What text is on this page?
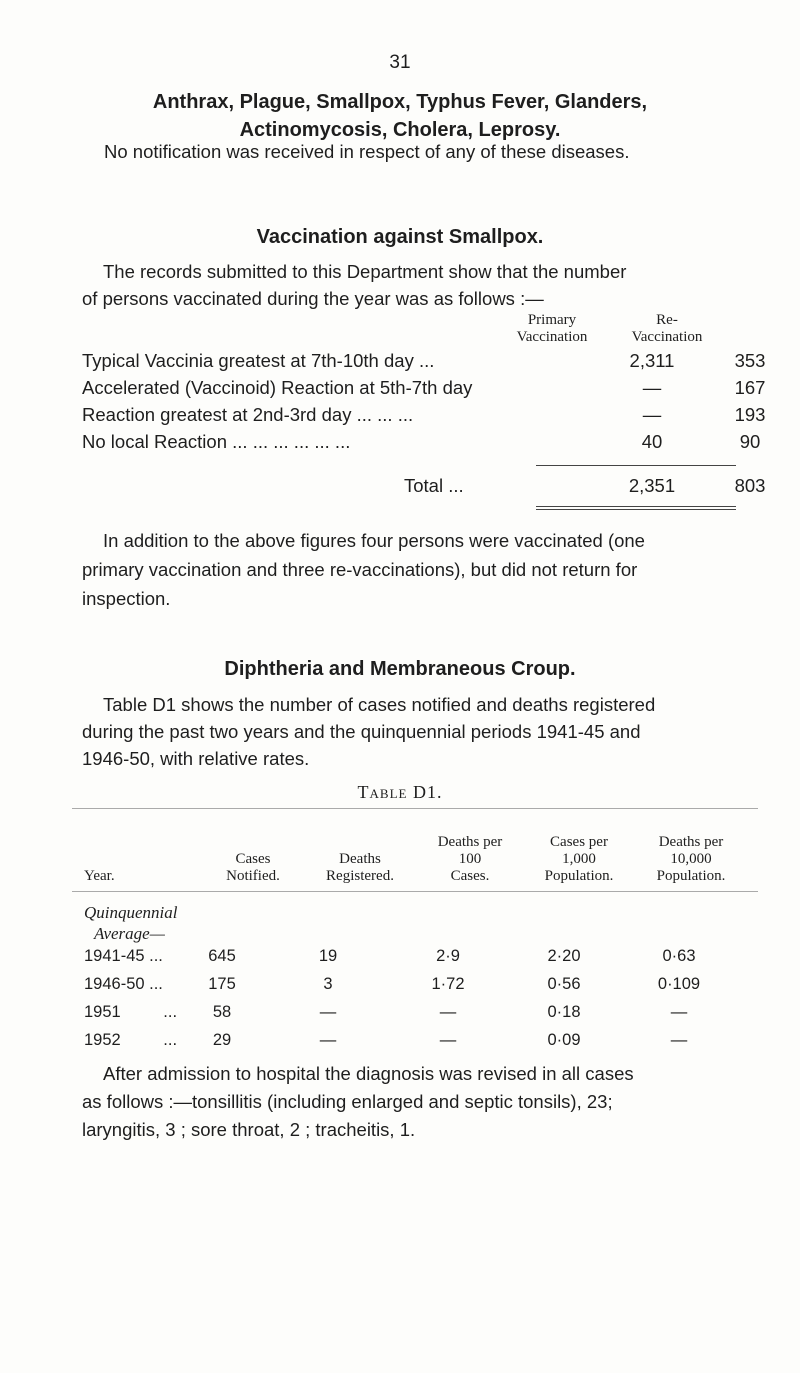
31
Anthrax, Plague, Smallpox, Typhus Fever, Glanders,
Actinomycosis, Cholera, Leprosy.
No notification was received in respect of any of these diseases.
Vaccination against Smallpox.
The records submitted to this Department show that the number
of persons vaccinated during the year was as follows :—
Primary
Vaccination
Re-
Vaccination
Typical Vaccinia greatest at 7th-10th day ...	2,311	353
Accelerated (Vaccinoid) Reaction at 5th-7th day	—	167
Reaction greatest at 2nd-3rd day ... ... ...	—	193
No local Reaction ... ... ... ... ... ...	40	90
Total ...	2,351	803
In addition to the above figures four persons were vaccinated (one
primary vaccination and three re-vaccinations), but did not return for
inspection.
Diphtheria and Membraneous Croup.
Table D1 shows the number of cases notified and deaths registered
during the past two years and the quinquennial periods 1941-45 and
1946-50, with relative rates.
Table D1.
Year.
Cases
Notified.
Deaths
Registered.
Deaths per
100
Cases.
Cases per
1,000
Population.
Deaths per
10,000
Population.
Quinquennial
Average—
1941-45 ...	645	19	2·9	2·20	0·63
1946-50 ...	175	3	1·72	0·56	0·109
1951 ...	58	—	—	0·18	—
1952 ...	29	—	—	0·09	—
After admission to hospital the diagnosis was revised in all cases
as follows :—tonsillitis (including enlarged and septic tonsils), 23;
laryngitis, 3 ; sore throat, 2 ; tracheitis, 1.
